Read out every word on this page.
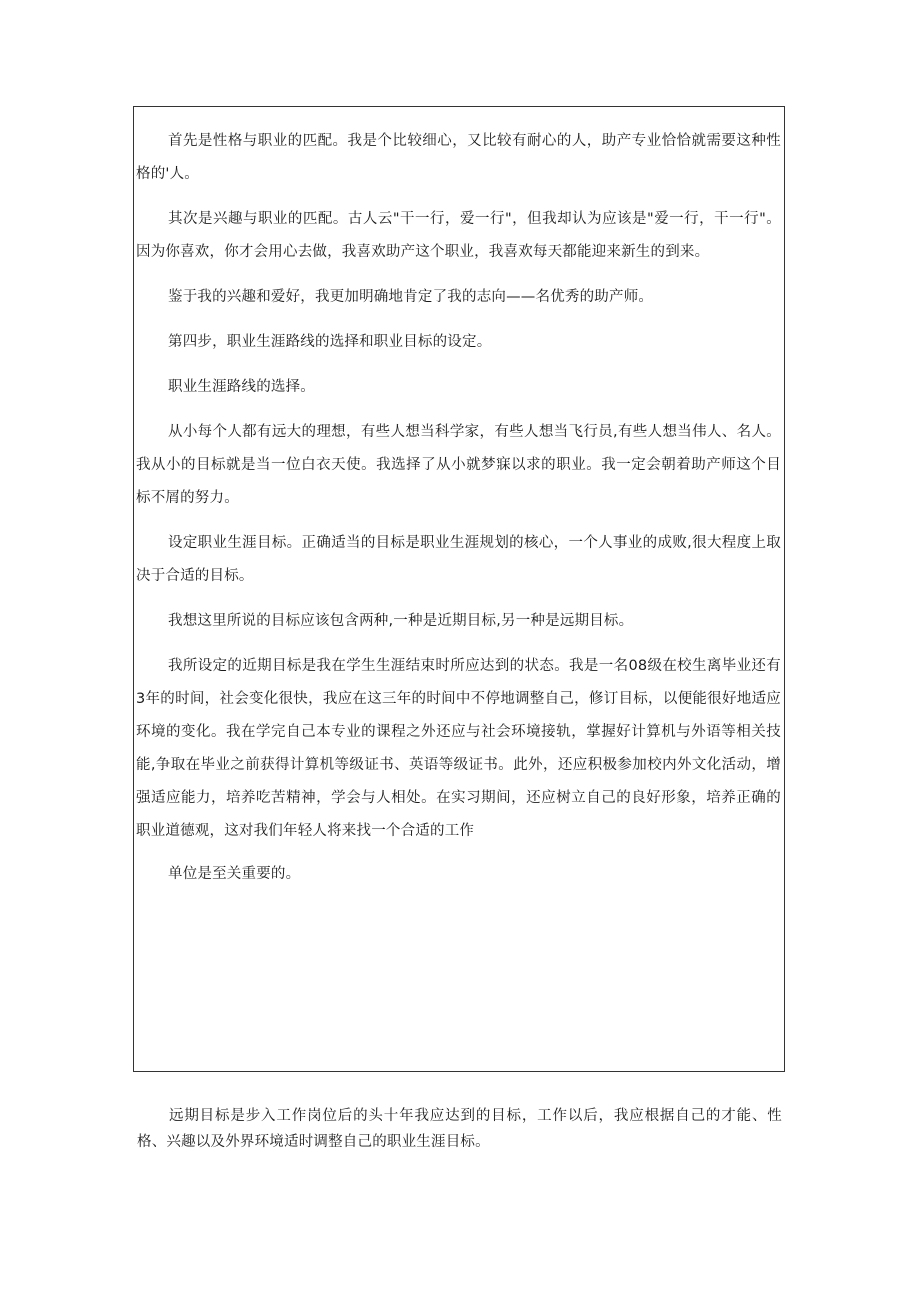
首先是性格与职业的匹配。我是个比较细心，又比较有耐心的人，助产专业恰恰就需要这种性格的'人。

其次是兴趣与职业的匹配。古人云"干一行，爱一行"，但我却认为应该是"爱一行，干一行"。因为你喜欢，你才会用心去做，我喜欢助产这个职业，我喜欢每天都能迎来新生的到来。

鉴于我的兴趣和爱好，我更加明确地肯定了我的志向——名优秀的助产师。

第四步，职业生涯路线的选择和职业目标的设定。

职业生涯路线的选择。

从小每个人都有远大的理想，有些人想当科学家，有些人想当飞行员,有些人想当伟人、名人。我从小的目标就是当一位白衣天使。我选择了从小就梦寐以求的职业。我一定会朝着助产师这个目标不屑的努力。

设定职业生涯目标。正确适当的目标是职业生涯规划的核心，一个人事业的成败,很大程度上取决于合适的目标。

我想这里所说的目标应该包含两种,一种是近期目标,另一种是远期目标。

我所设定的近期目标是我在学生生涯结束时所应达到的状态。我是一名08级在校生离毕业还有3年的时间，社会变化很快，我应在这三年的时间中不停地调整自己，修订目标，以便能很好地适应环境的变化。我在学完自己本专业的课程之外还应与社会环境接轨，掌握好计算机与外语等相关技能,争取在毕业之前获得计算机等级证书、英语等级证书。此外，还应积极参加校内外文化活动，增强适应能力，培养吃苦精神，学会与人相处。在实习期间，还应树立自己的良好形象，培养正确的职业道德观，这对我们年轻人将来找一个合适的工作

单位是至关重要的。

远期目标是步入工作岗位后的头十年我应达到的目标，工作以后，我应根据自己的才能、性格、兴趣以及外界环境适时调整自己的职业生涯目标。
